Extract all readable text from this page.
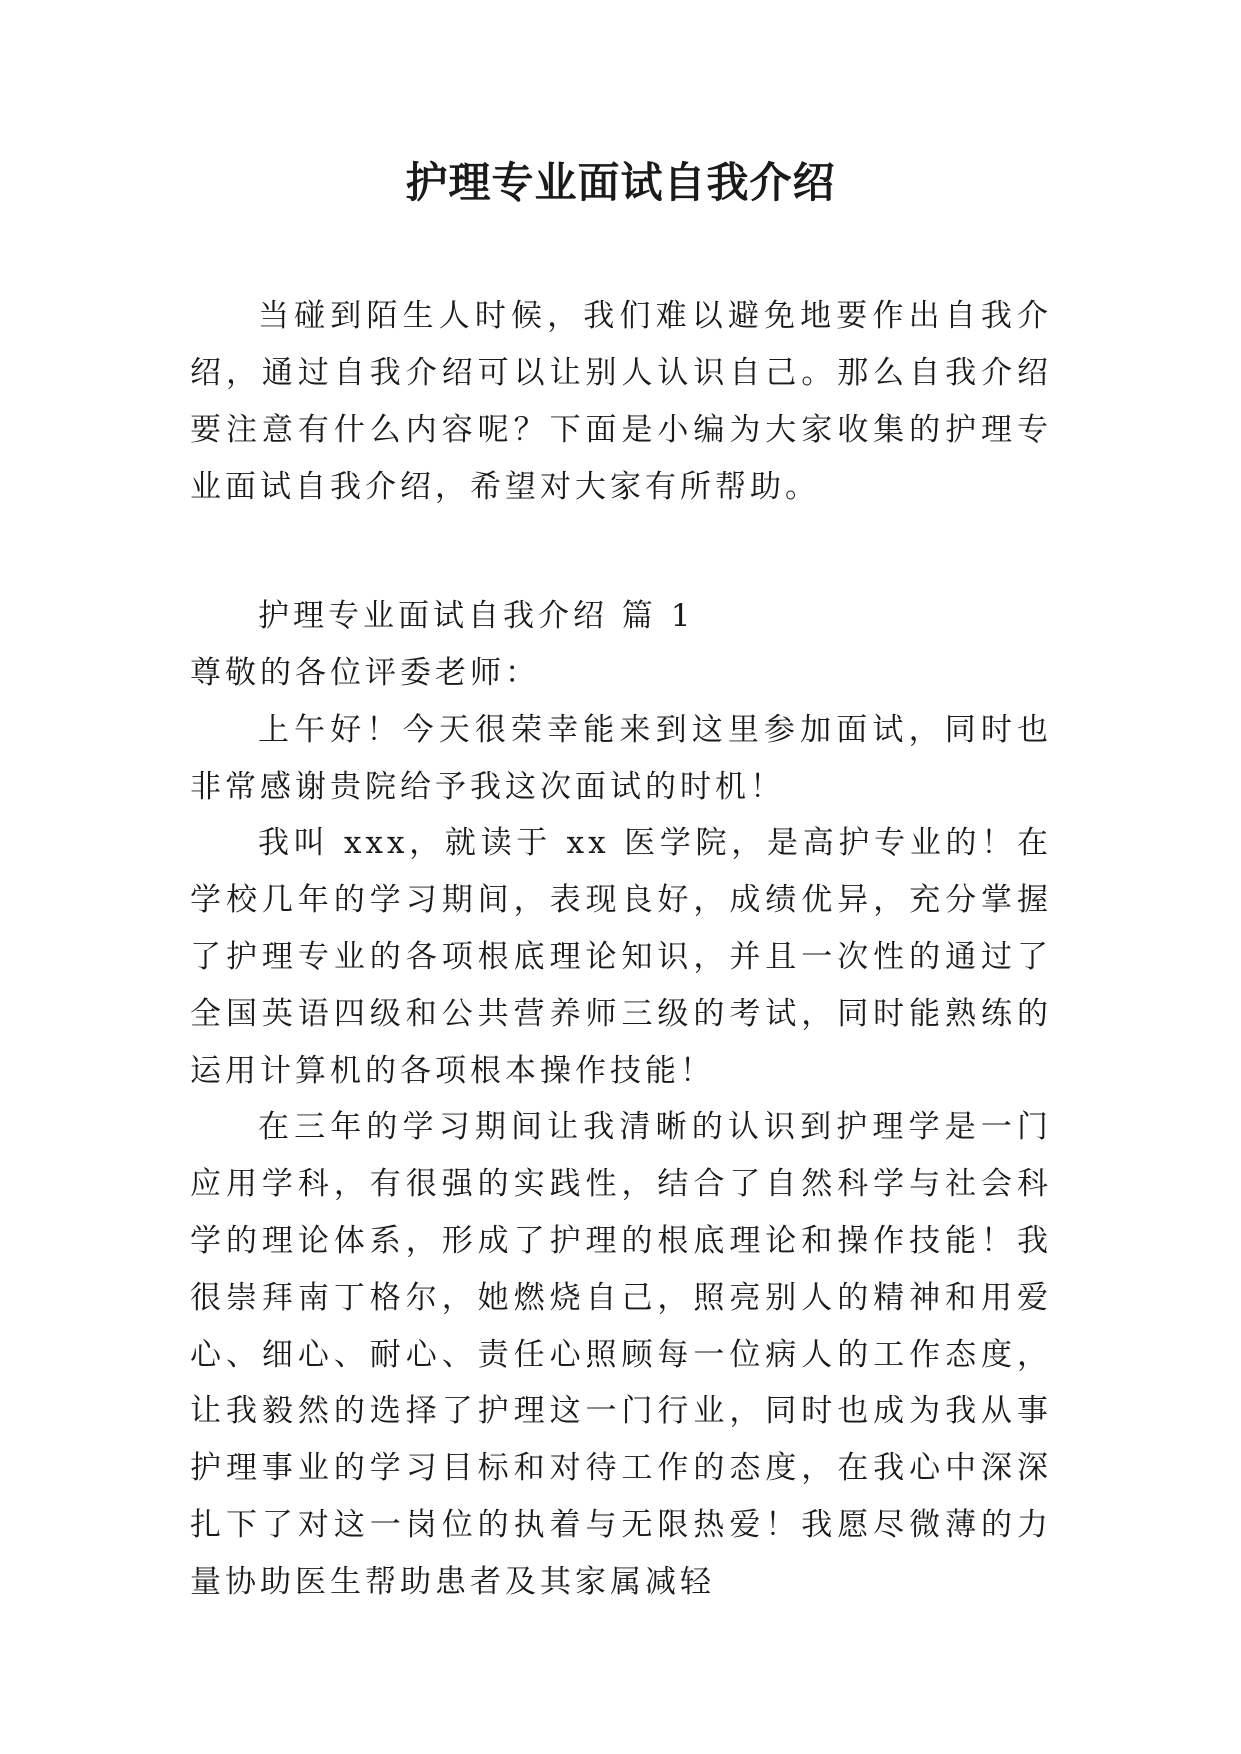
护理专业面试自我介绍

当碰到陌生人时候，我们难以避免地要作出自我介绍，通过自我介绍可以让别人认识自己。那么自我介绍要注意有什么内容呢？下面是小编为大家收集的护理专业面试自我介绍，希望对大家有所帮助。

护理专业面试自我介绍 篇 1

尊敬的各位评委老师：

上午好！今天很荣幸能来到这里参加面试，同时也非常感谢贵院给予我这次面试的时机！

我叫 xxx，就读于 xx 医学院，是高护专业的！在学校几年的学习期间，表现良好，成绩优异，充分掌握了护理专业的各项根底理论知识，并且一次性的通过了全国英语四级和公共营养师三级的考试，同时能熟练的运用计算机的各项根本操作技能！

在三年的学习期间让我清晰的认识到护理学是一门应用学科，有很强的实践性，结合了自然科学与社会科学的理论体系，形成了护理的根底理论和操作技能！我很崇拜南丁格尔，她燃烧自己，照亮别人的精神和用爱心、细心、耐心、责任心照顾每一位病人的工作态度，让我毅然的选择了护理这一门行业，同时也成为我从事护理事业的学习目标和对待工作的态度，在我心中深深扎下了对这一岗位的执着与无限热爱！我愿尽微薄的力量协助医生帮助患者及其家属减轻
